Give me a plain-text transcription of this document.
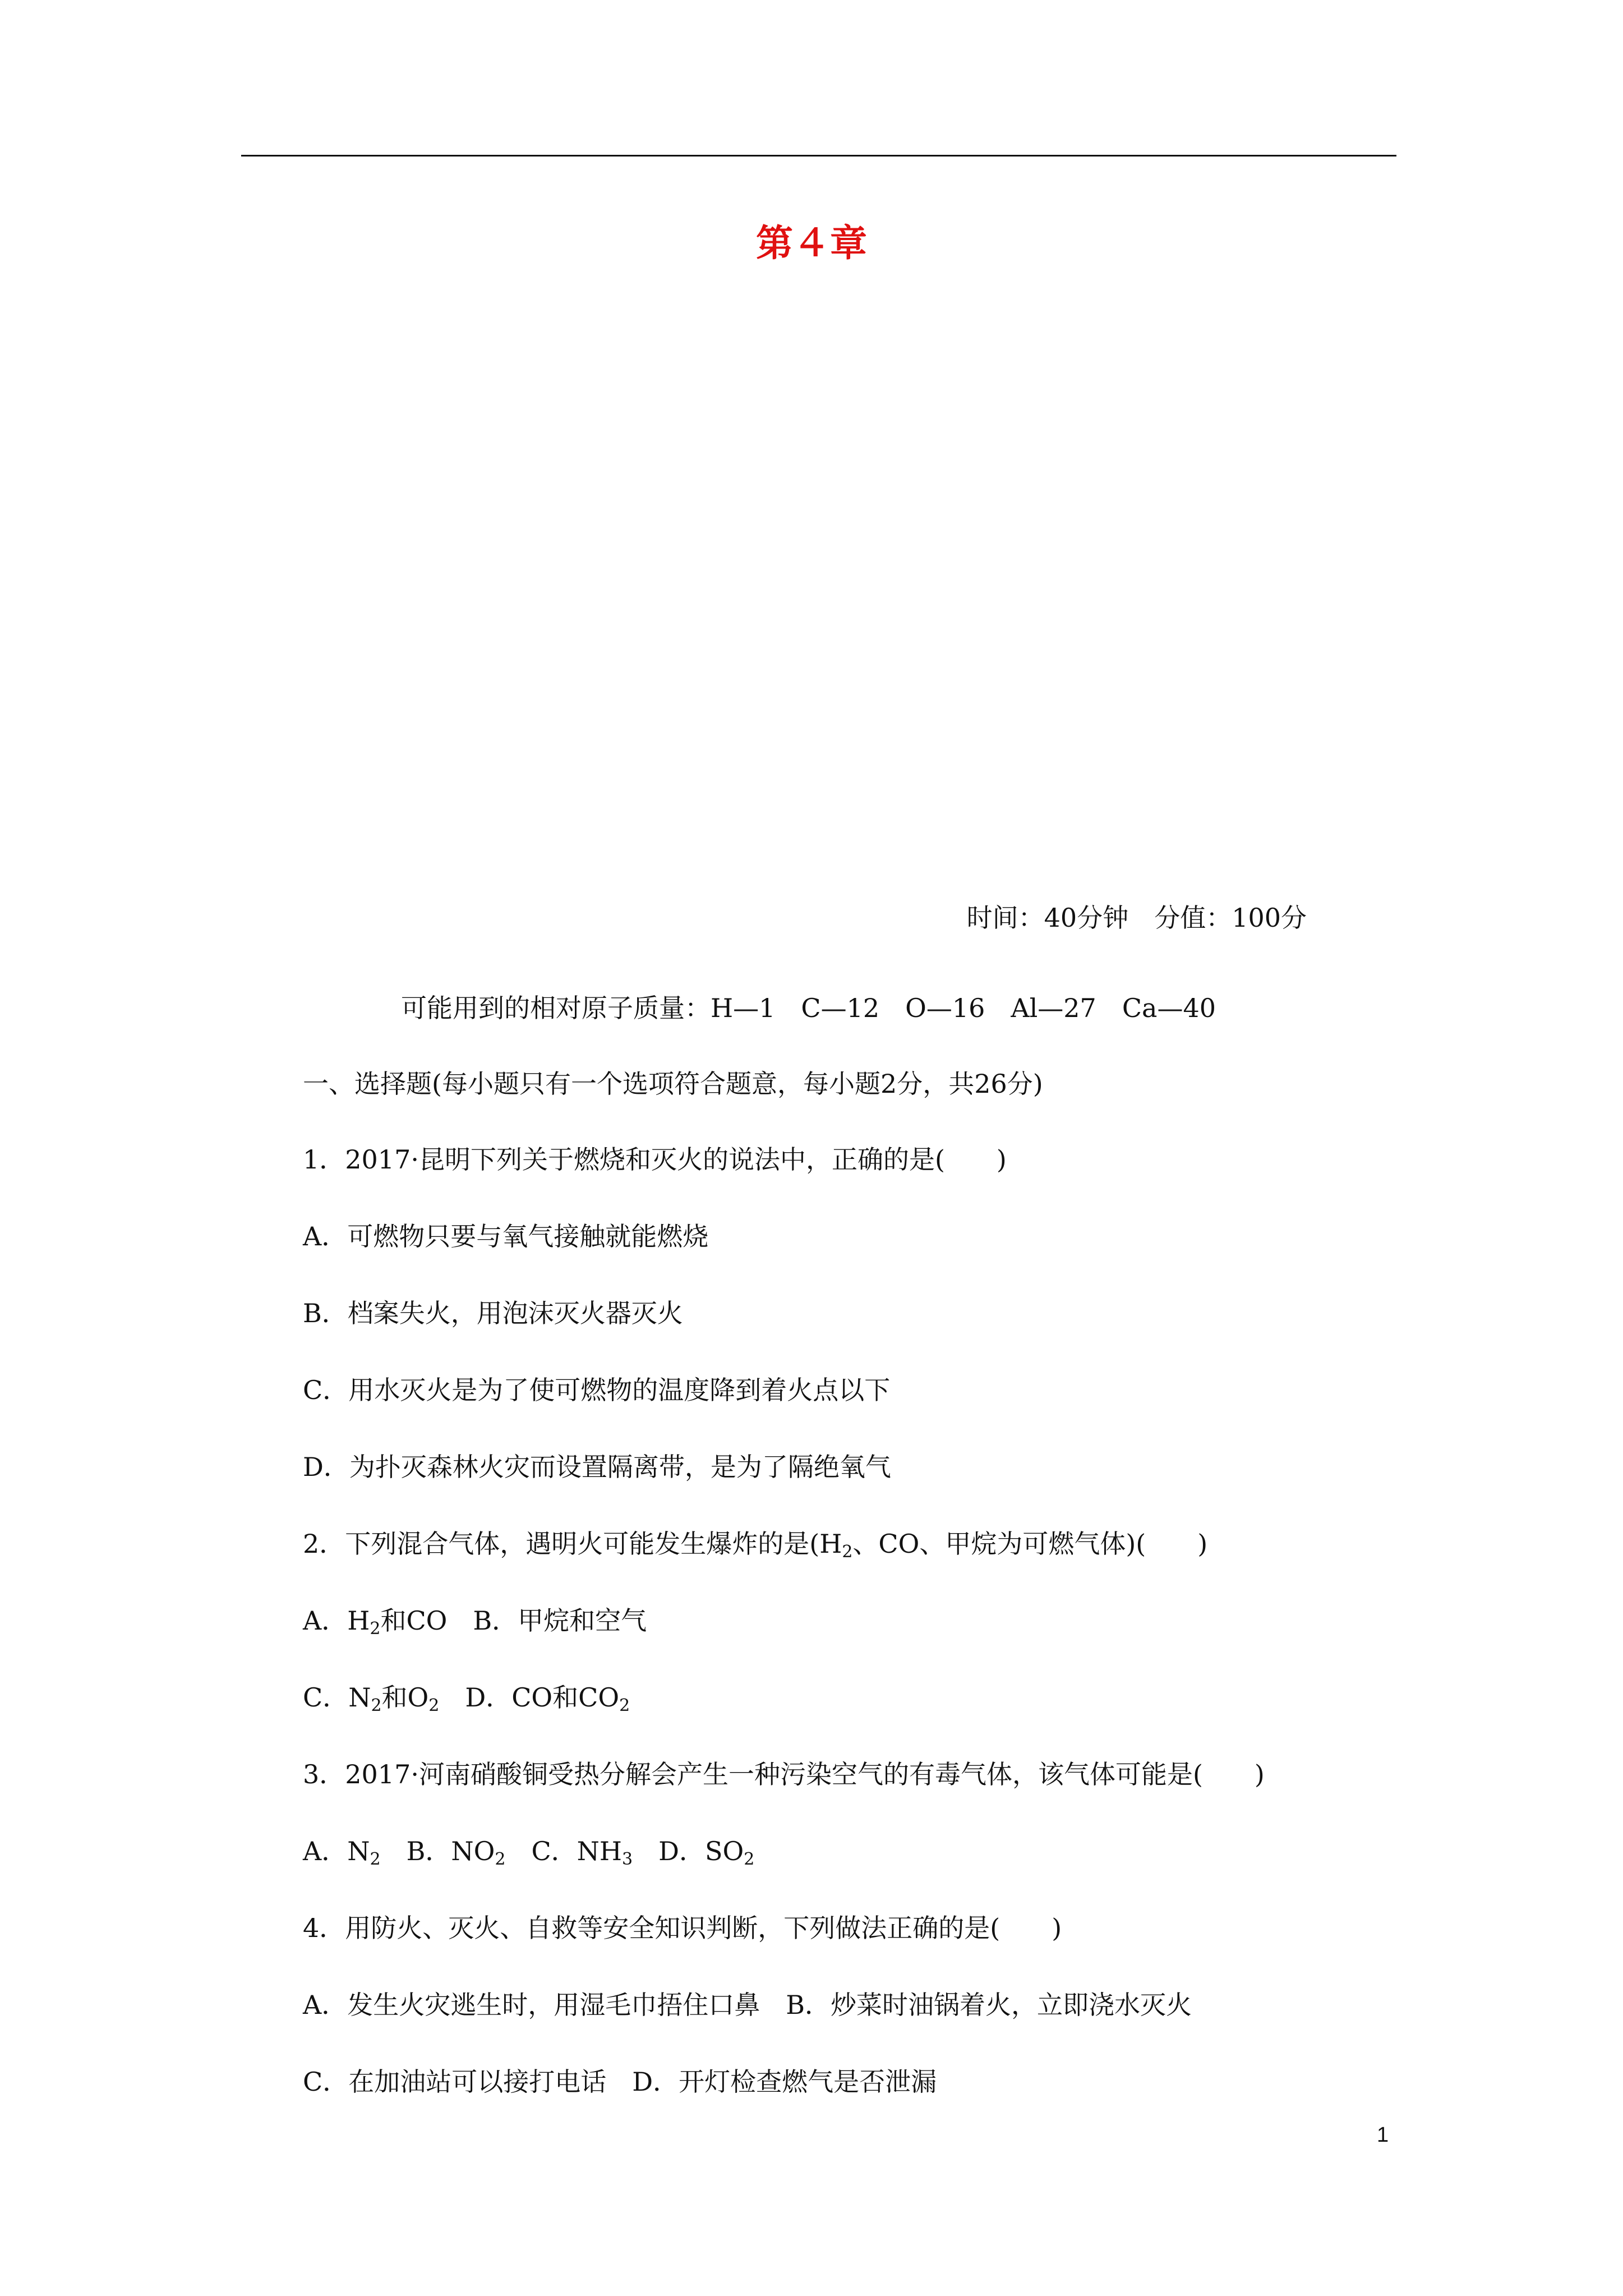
第４章
时间：40分钟　分值：100分
可能用到的相对原子质量：H—1　C—12　O—16　Al—27　Ca—40
一、选择题(每小题只有一个选项符合题意，每小题2分，共26分)
1．2017·昆明下列关于燃烧和灭火的说法中，正确的是(　　)
A．可燃物只要与氧气接触就能燃烧
B．档案失火，用泡沫灭火器灭火
C．用水灭火是为了使可燃物的温度降到着火点以下
D．为扑灭森林火灾而设置隔离带，是为了隔绝氧气
2．下列混合气体，遇明火可能发生爆炸的是($H_2$、CO、甲烷为可燃气体)(　　)
A．$H_2$和CO　B．甲烷和空气
C．$N_2$和$O_2$　D．CO和$CO_2$
3．2017·河南硝酸铜受热分解会产生一种污染空气的有毒气体，该气体可能是(　　)
A．$N_2$　B．$NO_2$　C．$NH_3$　D．$SO_2$
4．用防火、灭火、自救等安全知识判断，下列做法正确的是(　　)
A．发生火灾逃生时，用湿毛巾捂住口鼻　B．炒菜时油锅着火，立即浇水灭火
C．在加油站可以接打电话　D．开灯检查燃气是否泄漏
1
